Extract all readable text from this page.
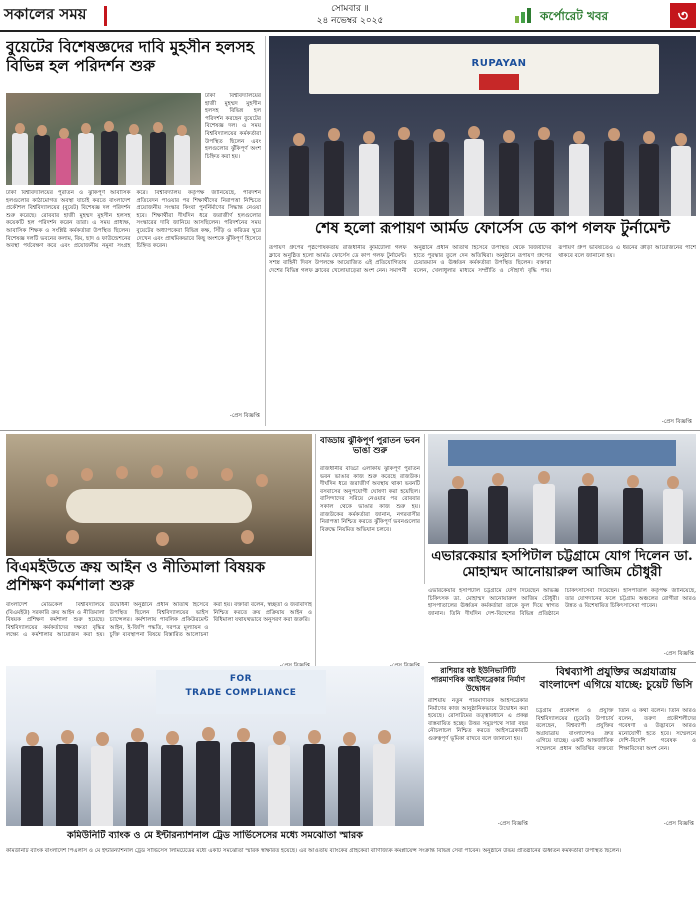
সকালের সময়	সোমবার ॥
২৪ নভেম্বর ২০২৫	কর্পোরেট খবর	৩
বুয়েটের বিশেষজ্ঞদের দাবি মুহসীন হলসহ বিভিন্ন হল পরিদর্শন শুরু
ঢাকা বিশ্ববিদ্যালয়ের হাজী মুহম্মদ মুহসীন হলসহ বিভিন্ন হল পরিদর্শন করছেন বুয়েটের বিশেষজ্ঞ দল। এ সময় বিশ্ববিদ্যালয়ের কর্মকর্তারা উপস্থিত ছিলেন এবং হলগুলোর ঝুঁকিপূর্ণ অংশ চিহ্নিত করা হয়।
ঢাকা বিশ্ববিদ্যালয়ের পুরাতন ও ঝুঁকিপূর্ণ আবাসিক হলগুলোর কাঠামোগত অবস্থা যাচাই করতে বাংলাদেশ প্রকৌশল বিশ্ববিদ্যালয়ের (বুয়েট) বিশেষজ্ঞ দল পরিদর্শন শুরু করেছে। রোববার হাজী মুহম্মদ মুহসীন হলসহ কয়েকটি হল পরিদর্শন করেন তারা। এ সময় প্রাধ্যক্ষ, আবাসিক শিক্ষক ও সংশ্লিষ্ট কর্মকর্তারা উপস্থিত ছিলেন। বিশেষজ্ঞ দলটি ভবনের কলাম, বিম, ছাদ ও ফাউন্ডেশনের অবস্থা পর্যবেক্ষণ করে এবং প্রয়োজনীয় নমুনা সংগ্রহ করে। বিশ্ববিদ্যালয় কর্তৃপক্ষ জানিয়েছে, পরিদর্শন প্রতিবেদন পাওয়ার পর শিক্ষার্থীদের নিরাপত্তা নিশ্চিতে প্রয়োজনীয় সংস্কার কিংবা পুনর্নির্মাণের সিদ্ধান্ত নেওয়া হবে। শিক্ষার্থীরা দীর্ঘদিন ধরে জরাজীর্ণ হলগুলোর সংস্কারের দাবি জানিয়ে আসছিলেন। পরিদর্শনের সময় বুয়েটের অধ্যাপকেরা বিভিন্ন কক্ষ, সিঁড়ি ও করিডর ঘুরে দেখেন এবং প্রাথমিকভাবে কিছু অংশকে ঝুঁকিপূর্ণ হিসেবে চিহ্নিত করেন।
-প্রেস বিজ্ঞপ্তি
RUPAYAN
শেষ হলো রূপায়ণ আর্মড ফোর্সেস ডে কাপ গলফ টুর্নামেন্ট
রূপায়ণ গ্রুপের পৃষ্ঠপোষকতায় রাজধানীর কুর্মিটোলা গলফ ক্লাবে অনুষ্ঠিত হলো আর্মড ফোর্সেস ডে কাপ গলফ টুর্নামেন্ট। সশস্ত্র বাহিনী দিবস উপলক্ষে আয়োজিত এই প্রতিযোগিতায় দেশের বিভিন্ন গলফ ক্লাবের খেলোয়াড়েরা অংশ নেন। সমাপনী অনুষ্ঠানে প্রধান অতিথি হিসেবে উপস্থিত থেকে বিজয়ীদের হাতে পুরস্কার তুলে দেন অতিথিরা। অনুষ্ঠানে রূপায়ণ গ্রুপের চেয়ারম্যান ও ঊর্ধ্বতন কর্মকর্তারা উপস্থিত ছিলেন। বক্তারা বলেন, খেলাধুলার মাধ্যমে সম্প্রীতি ও সৌহার্দ্য বৃদ্ধি পায়। রূপায়ণ গ্রুপ ভবিষ্যতেও এ ধরনের ক্রীড়া আয়োজনের পাশে থাকবে বলে জানানো হয়।
-প্রেস বিজ্ঞপ্তি
বিএমইউতে ক্রয় আইন ও নীতিমালা বিষয়ক প্রশিক্ষণ কর্মশালা শুরু
বাংলাদেশ মেডিকেল বিশ্ববিদ্যালয়ে (বিএমইউ) সরকারি ক্রয় আইন ও নীতিমালা বিষয়ক প্রশিক্ষণ কর্মশালা শুরু হয়েছে। বিশ্ববিদ্যালয়ের কর্মকর্তাদের দক্ষতা বৃদ্ধির লক্ষ্যে এ কর্মশালার আয়োজন করা হয়। উদ্বোধনী অনুষ্ঠানে প্রধান অতিথি হিসেবে উপস্থিত ছিলেন বিশ্ববিদ্যালয়ের ভাইস চ্যান্সেলর। কর্মশালায় পাবলিক প্রকিউরমেন্ট আইন, ই-জিপি পদ্ধতি, দরপত্র মূল্যায়ন ও চুক্তি ব্যবস্থাপনা বিষয়ে বিস্তারিত আলোচনা করা হয়। বক্তারা বলেন, স্বচ্ছতা ও জবাবদিহি নিশ্চিত করতে ক্রয় প্রক্রিয়ায় আইন ও বিধিমালা যথাযথভাবে অনুসরণ করা জরুরি।
বাড্ডায় ঝুঁকিপূর্ণ পুরাতন ভবন ভাঙা শুরু
রাজধানীর বাড্ডা এলাকায় ঝুঁকিপূর্ণ পুরাতন ভবন ভাঙার কাজ শুরু করেছে রাজউক। দীর্ঘদিন ধরে জরাজীর্ণ অবস্থায় থাকা ভবনটি বসবাসের অনুপযোগী ঘোষণা করা হয়েছিল। বাসিন্দাদের সরিয়ে নেওয়ার পর রোববার সকাল থেকে ভাঙার কাজ শুরু হয়। রাজউকের কর্মকর্তারা জানান, নগরবাসীর নিরাপত্তা নিশ্চিত করতে ঝুঁকিপূর্ণ ভবনগুলোর বিরুদ্ধে নিয়মিত অভিযান চলবে।
এভারকেয়ার হসপিটাল চট্টগ্রামে যোগ দিলেন ডা. মোহাম্মদ আনোয়ারুল আজিম চৌধুরী
এভারকেয়ার হসপিটাল চট্টগ্রামে যোগ দিয়েছেন অভিজ্ঞ চিকিৎসক ডা. মোহাম্মদ আনোয়ারুল আজিম চৌধুরী। হাসপাতালের ঊর্ধ্বতন কর্মকর্তারা তাকে ফুল দিয়ে স্বাগত জানান। তিনি দীর্ঘদিন দেশ-বিদেশের বিভিন্ন প্রতিষ্ঠানে চিকিৎসাসেবা দিয়েছেন। হাসপাতাল কর্তৃপক্ষ জানিয়েছে, তার যোগদানের ফলে চট্টগ্রাম অঞ্চলের রোগীরা আরও উন্নত ও বিশেষায়িত চিকিৎসাসেবা পাবেন।
-প্রেস বিজ্ঞপ্তি
রাশিয়ার ষষ্ঠ ইউনিভার্সিটি পারমাণবিক আইসব্রেকার নির্মাণ উদ্বোধন
রাশিয়ায় নতুন পারমাণবিক আইসব্রেকার নির্মাণের কাজ আনুষ্ঠানিকভাবে উদ্বোধন করা হয়েছে। রোসাটমের তত্ত্বাবধানে এ প্রকল্প বাস্তবায়িত হচ্ছে। উত্তর সমুদ্রপথে সারা বছর নৌচলাচল নিশ্চিত করতে আইসব্রেকারটি গুরুত্বপূর্ণ ভূমিকা রাখবে বলে জানানো হয়।
-প্রেস বিজ্ঞপ্তি
বিশ্বব্যাপী প্রযুক্তির অগ্রযাত্রায় বাংলাদেশ এগিয়ে যাচ্ছে: চুয়েট ভিসি
চট্টগ্রাম প্রকৌশল ও প্রযুক্তি বিশ্ববিদ্যালয়ের (চুয়েট) উপাচার্য বলেছেন, বিশ্বব্যাপী প্রযুক্তির অগ্রযাত্রায় বাংলাদেশও দ্রুত এগিয়ে যাচ্ছে। একটি আন্তর্জাতিক সম্মেলনে প্রধান অতিথির বক্তব্যে তিনি এ কথা বলেন। তিনি আরও বলেন, তরুণ প্রকৌশলীদের গবেষণা ও উদ্ভাবনে আরও মনোযোগী হতে হবে। সম্মেলনে দেশি-বিদেশি গবেষক ও শিক্ষাবিদেরা অংশ নেন।
-প্রেস বিজ্ঞপ্তি
FOR
TRADE COMPLIANCE
কমিউনিটি ব্যাংক ও মে ইন্টারন্যাশনাল ট্রেড সার্ভিসেসের মধ্যে সমঝোতা স্মারক
কমিউনিটি ব্যাংক বাংলাদেশ পিএলসি ও মে ইন্টারন্যাশনাল ট্রেড সার্ভিসেস লিমিটেডের মধ্যে একটি সমঝোতা স্মারক স্বাক্ষরিত হয়েছে। এর আওতায় ব্যাংকের গ্রাহকেরা বাণিজ্যিক কমপ্লায়েন্স সংক্রান্ত বিভিন্ন সেবা পাবেন। অনুষ্ঠানে উভয় প্রতিষ্ঠানের ঊর্ধ্বতন কর্মকর্তারা উপস্থিত ছিলেন।
